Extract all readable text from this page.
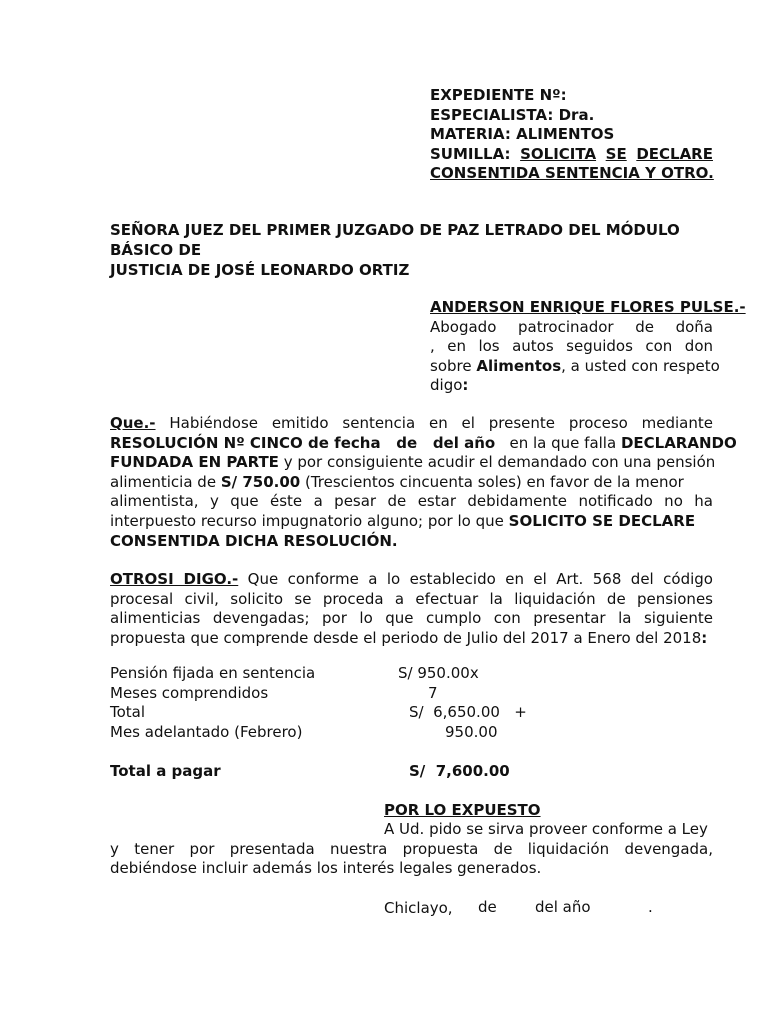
EXPEDIENTE Nº:
ESPECIALISTA: Dra.
MATERIA: ALIMENTOS
SUMILLA: SOLICITA SE DECLARE
CONSENTIDA SENTENCIA Y OTRO.
SEÑORA JUEZ DEL PRIMER JUZGADO DE PAZ LETRADO DEL MÓDULO BÁSICO DE
JUSTICIA DE JOSÉ LEONARDO ORTIZ
ANDERSON ENRIQUE FLORES PULSE.-
Abogado patrocinador de doña
, en los autos seguidos con don
sobre Alimentos, a usted con respeto
digo:
Que.- Habiéndose emitido sentencia en el presente proceso mediante
RESOLUCIÓN Nº CINCO de fecha   de   del año   en la que falla DECLARANDO
FUNDADA EN PARTE y por consiguiente acudir el demandado con una pensión
alimenticia de S/ 750.00 (Trescientos cincuenta soles) en favor de la menor
alimentista, y que éste a pesar de estar debidamente notificado no ha
interpuesto recurso impugnatorio alguno; por lo que SOLICITO SE DECLARE
CONSENTIDA DICHA RESOLUCIÓN.
OTROSI DIGO.- Que conforme a lo establecido en el Art. 568 del código
procesal civil, solicito se proceda a efectuar la liquidación de pensiones
alimenticias devengadas; por lo que cumplo con presentar la siguiente
propuesta que comprende desde el periodo de Julio del 2017 a Enero del 2018:
Pensión fijada en sentencia	S/ 950.00x
Meses comprendidos	7
Total	S/  6,650.00   +
Mes adelantado (Febrero)	950.00
Total a pagar	S/  7,600.00
POR LO EXPUESTO
A Ud. pido se sirva proveer conforme a Ley
y tener por presentada nuestra propuesta de liquidación devengada,
debiéndose incluir además los interés legales generados.
Chiclayo, de	del año	.
